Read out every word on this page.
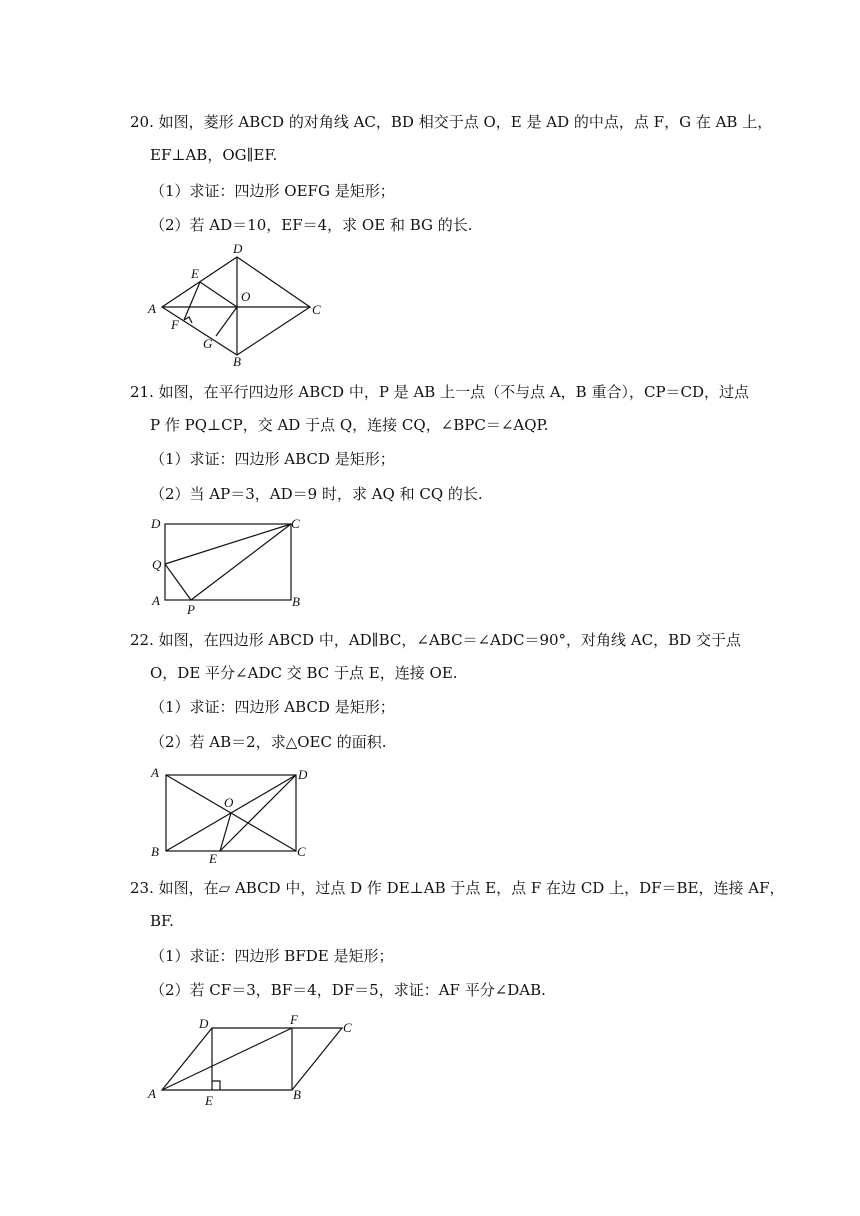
20. 如图，菱形 ABCD 的对角线 AC，BD 相交于点 O，E 是 AD 的中点，点 F，G 在 AB 上，
EF⊥AB，OG∥EF.
（1）求证：四边形 OEFG 是矩形；
（2）若 AD＝10，EF＝4，求 OE 和 BG 的长.
D
E
A
O
C
F
G
B
21. 如图，在平行四边形 ABCD 中，P 是 AB 上一点（不与点 A，B 重合），CP＝CD，过点
P 作 PQ⊥CP，交 AD 于点 Q，连接 CQ，∠BPC＝∠AQP.
（1）求证：四边形 ABCD 是矩形；
（2）当 AP＝3，AD＝9 时，求 AQ 和 CQ 的长.
D	C
Q
A
P
B
22. 如图，在四边形 ABCD 中，AD∥BC，∠ABC＝∠ADC＝90°，对角线 AC，BD 交于点
O，DE 平分∠ADC 交 BC 于点 E，连接 OE.
（1）求证：四边形 ABCD 是矩形；
（2）若 AB＝2，求△OEC 的面积.
A	D
O
B	E	C
23. 如图，在▱ ABCD 中，过点 D 作 DE⊥AB 于点 E，点 F 在边 CD 上，DF＝BE，连接 AF，
BF.
（1）求证：四边形 BFDE 是矩形；
（2）若 CF＝3，BF＝4，DF＝5，求证：AF 平分∠DAB.
D	F
C
A	E	B
